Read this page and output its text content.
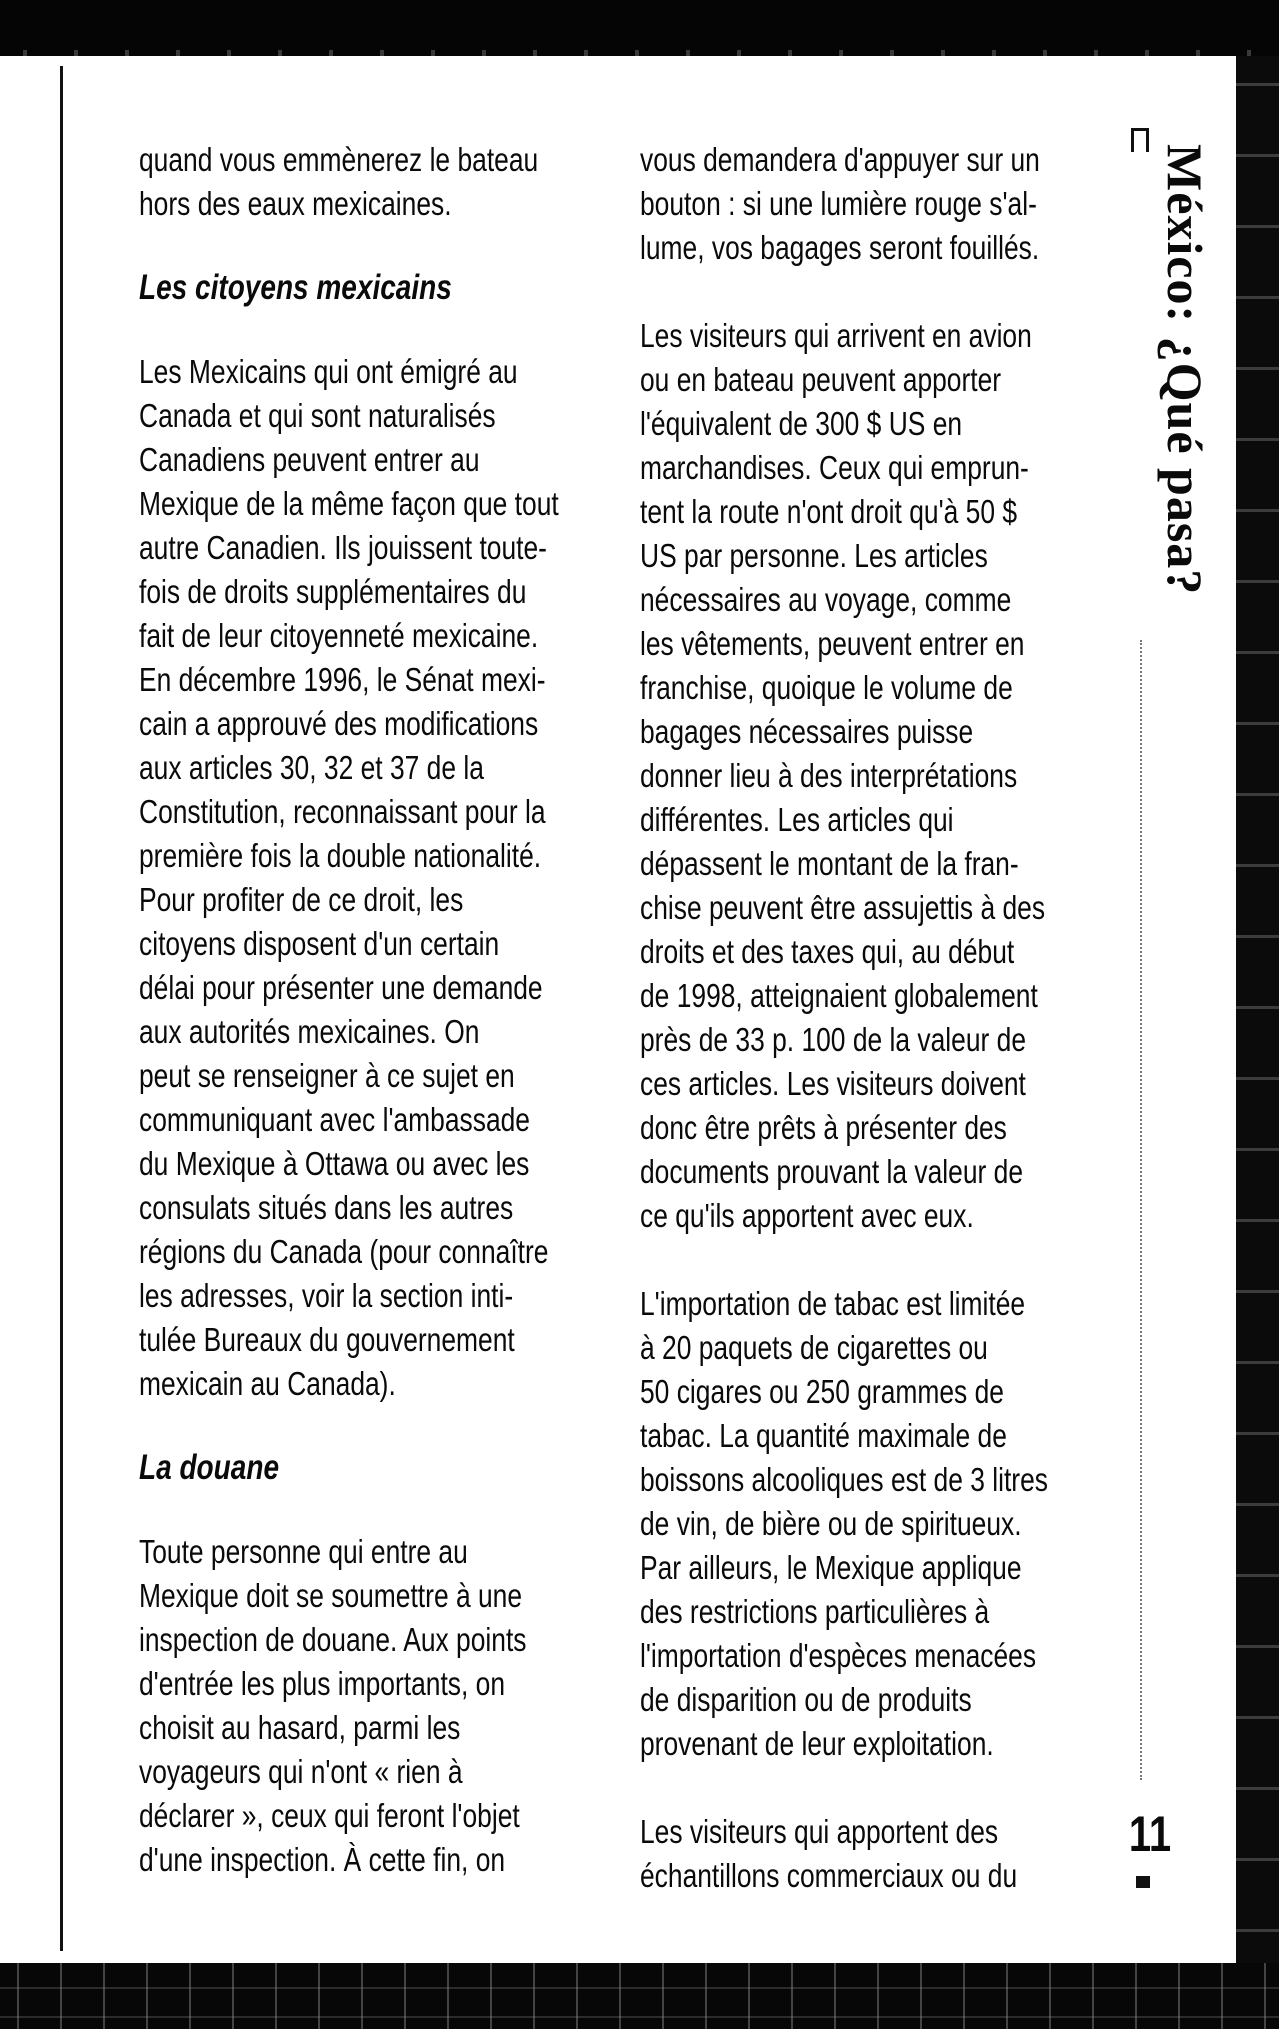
quand vous emmènerez le bateau
hors des eaux mexicaines.
Les citoyens mexicains
Les Mexicains qui ont émigré au
Canada et qui sont naturalisés
Canadiens peuvent entrer au
Mexique de la même façon que tout
autre Canadien. Ils jouissent toute-
fois de droits supplémentaires du
fait de leur citoyenneté mexicaine.
En décembre 1996, le Sénat mexi-
cain a approuvé des modifications
aux articles 30, 32 et 37 de la
Constitution, reconnaissant pour la
première fois la double nationalité.
Pour profiter de ce droit, les
citoyens disposent d'un certain
délai pour présenter une demande
aux autorités mexicaines. On
peut se renseigner à ce sujet en
communiquant avec l'ambassade
du Mexique à Ottawa ou avec les
consulats situés dans les autres
régions du Canada (pour connaître
les adresses, voir la section inti-
tulée Bureaux du gouvernement
mexicain au Canada).
La douane
Toute personne qui entre au
Mexique doit se soumettre à une
inspection de douane. Aux points
d'entrée les plus importants, on
choisit au hasard, parmi les
voyageurs qui n'ont « rien à
déclarer », ceux qui feront l'objet
d'une inspection. À cette fin, on
vous demandera d'appuyer sur un
bouton : si une lumière rouge s'al-
lume, vos bagages seront fouillés.
Les visiteurs qui arrivent en avion
ou en bateau peuvent apporter
l'équivalent de 300 $ US en
marchandises. Ceux qui emprun-
tent la route n'ont droit qu'à 50 $
US par personne. Les articles
nécessaires au voyage, comme
les vêtements, peuvent entrer en
franchise, quoique le volume de
bagages nécessaires puisse
donner lieu à des interprétations
différentes. Les articles qui
dépassent le montant de la fran-
chise peuvent être assujettis à des
droits et des taxes qui, au début
de 1998, atteignaient globalement
près de 33 p. 100 de la valeur de
ces articles. Les visiteurs doivent
donc être prêts à présenter des
documents prouvant la valeur de
ce qu'ils apportent avec eux.
L'importation de tabac est limitée
à 20 paquets de cigarettes ou
50 cigares ou 250 grammes de
tabac. La quantité maximale de
boissons alcooliques est de 3 litres
de vin, de bière ou de spiritueux.
Par ailleurs, le Mexique applique
des restrictions particulières à
l'importation d'espèces menacées
de disparition ou de produits
provenant de leur exploitation.
Les visiteurs qui apportent des
échantillons commerciaux ou du
México: ¿Qué pasa?
11
